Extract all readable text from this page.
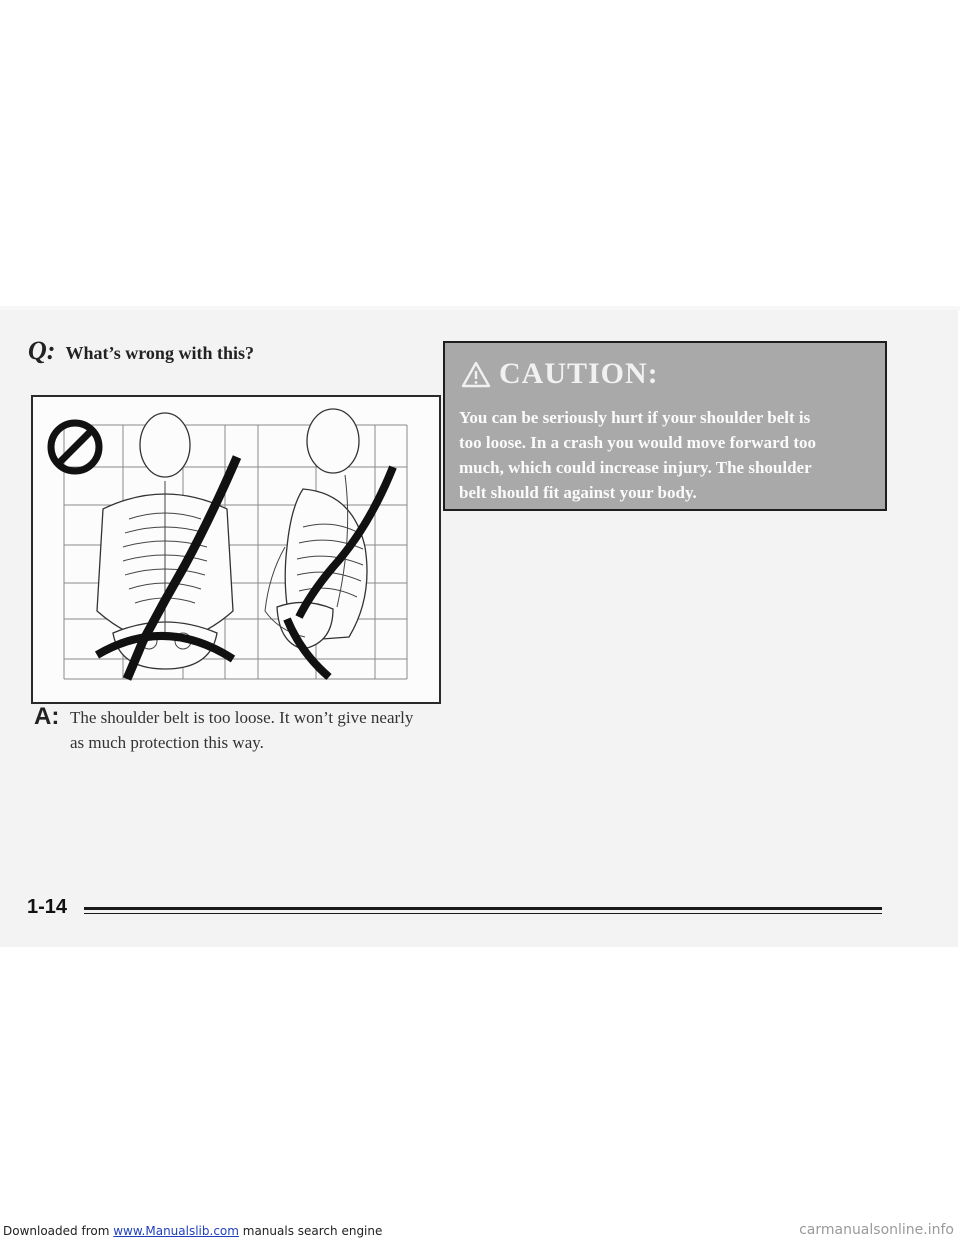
Q: What’s wrong with this?
A: The shoulder belt is too loose. It won’t give nearly
as much protection this way.
CAUTION:
You can be seriously hurt if your shoulder belt is
too loose. In a crash you would move forward too
much, which could increase injury. The shoulder
belt should fit against your body.
1-14
Downloaded from www.Manualslib.com manuals search engine	carmanualsonline.info
